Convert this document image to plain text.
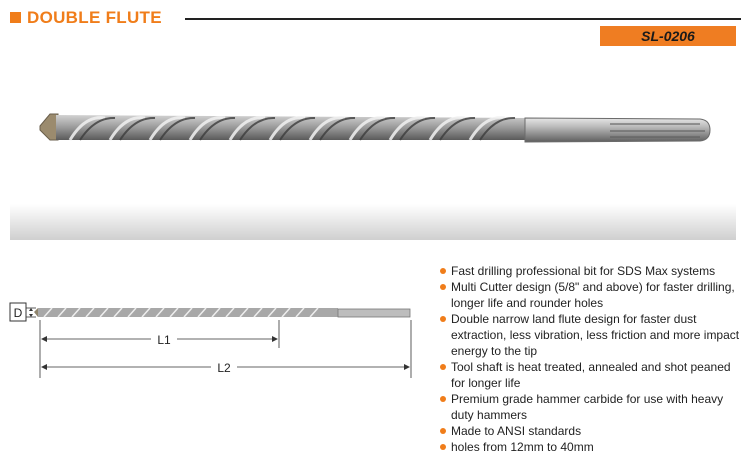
DOUBLE FLUTE
SL-0206
D
L1
L2
Fast drilling professional bit for SDS Max systems
Multi Cutter design (5/8" and above) for faster drilling, longer life and rounder holes
Double narrow land flute design for faster dust extraction, less vibration, less friction and more impact energy to the tip
Tool shaft is heat treated, annealed and shot peaned for longer life
Premium grade hammer carbide for use with heavy duty hammers
Made to ANSI standards
holes from 12mm to 40mm
